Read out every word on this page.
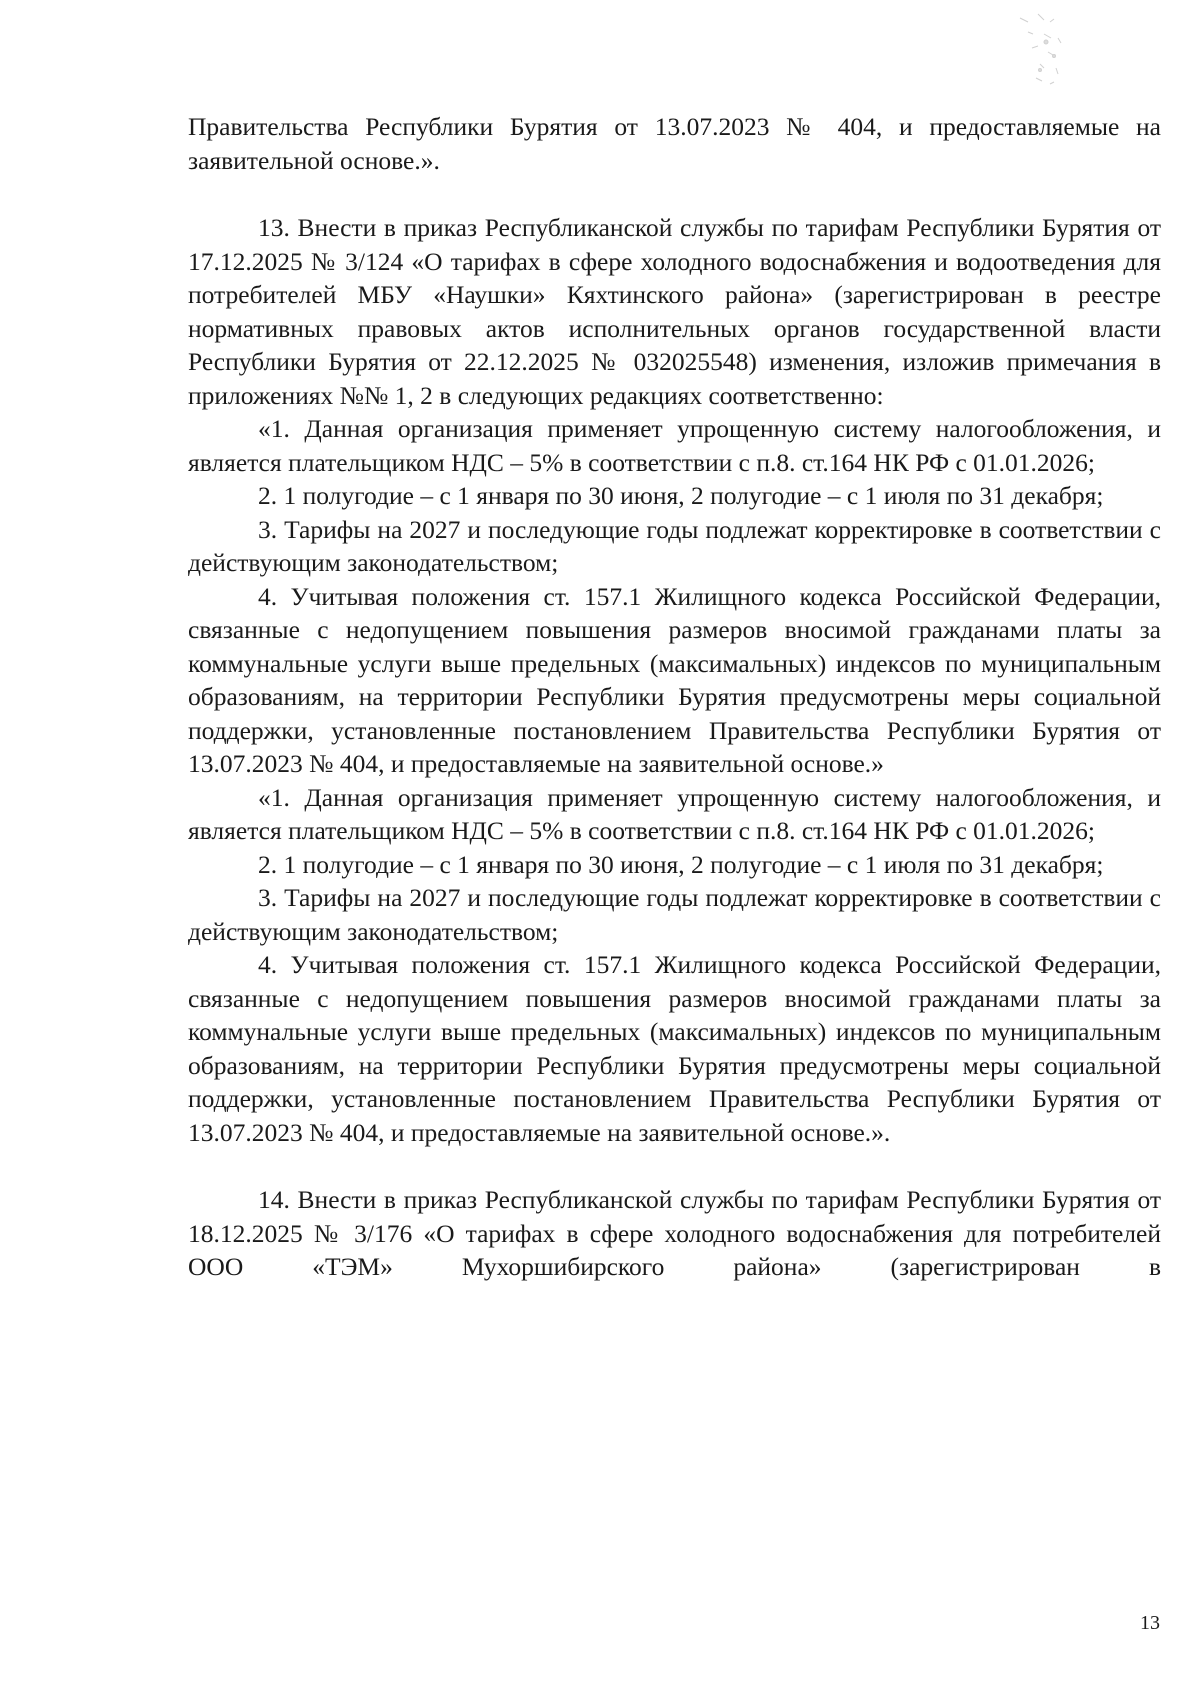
Правительства Республики Бурятия от 13.07.2023 № 404, и предоставляемые на заявительной основе.».

13. Внести в приказ Республиканской службы по тарифам Республики Бурятия от 17.12.2025 № 3/124 «О тарифах в сфере холодного водоснабжения и водоотведения для потребителей МБУ «Наушки» Кяхтинского района» (зарегистрирован в реестре нормативных правовых актов исполнительных органов государственной власти Республики Бурятия от 22.12.2025 № 032025548) изменения, изложив примечания в приложениях №№ 1, 2 в следующих редакциях соответственно:

«1. Данная организация применяет упрощенную систему налогообложения, и является плательщиком НДС – 5% в соответствии с п.8. ст.164 НК РФ с 01.01.2026;

2. 1 полугодие – с 1 января по 30 июня, 2 полугодие – с 1 июля по 31 декабря;

3. Тарифы на 2027 и последующие годы подлежат корректировке в соответствии с действующим законодательством;

4. Учитывая положения ст. 157.1 Жилищного кодекса Российской Федерации, связанные с недопущением повышения размеров вносимой гражданами платы за коммунальные услуги выше предельных (максимальных) индексов по муниципальным образованиям, на территории Республики Бурятия предусмотрены меры социальной поддержки, установленные постановлением Правительства Республики Бурятия от 13.07.2023 № 404, и предоставляемые на заявительной основе.»

«1. Данная организация применяет упрощенную систему налогообложения, и является плательщиком НДС – 5% в соответствии с п.8. ст.164 НК РФ с 01.01.2026;

2. 1 полугодие – с 1 января по 30 июня, 2 полугодие – с 1 июля по 31 декабря;

3. Тарифы на 2027 и последующие годы подлежат корректировке в соответствии с действующим законодательством;

4. Учитывая положения ст. 157.1 Жилищного кодекса Российской Федерации, связанные с недопущением повышения размеров вносимой гражданами платы за коммунальные услуги выше предельных (максимальных) индексов по муниципальным образованиям, на территории Республики Бурятия предусмотрены меры социальной поддержки, установленные постановлением Правительства Республики Бурятия от 13.07.2023 № 404, и предоставляемые на заявительной основе.».

14. Внести в приказ Республиканской службы по тарифам Республики Бурятия от 18.12.2025 № 3/176 «О тарифах в сфере холодного водоснабжения для потребителей ООО «ТЭМ» Мухоршибирского района» (зарегистрирован в

13
